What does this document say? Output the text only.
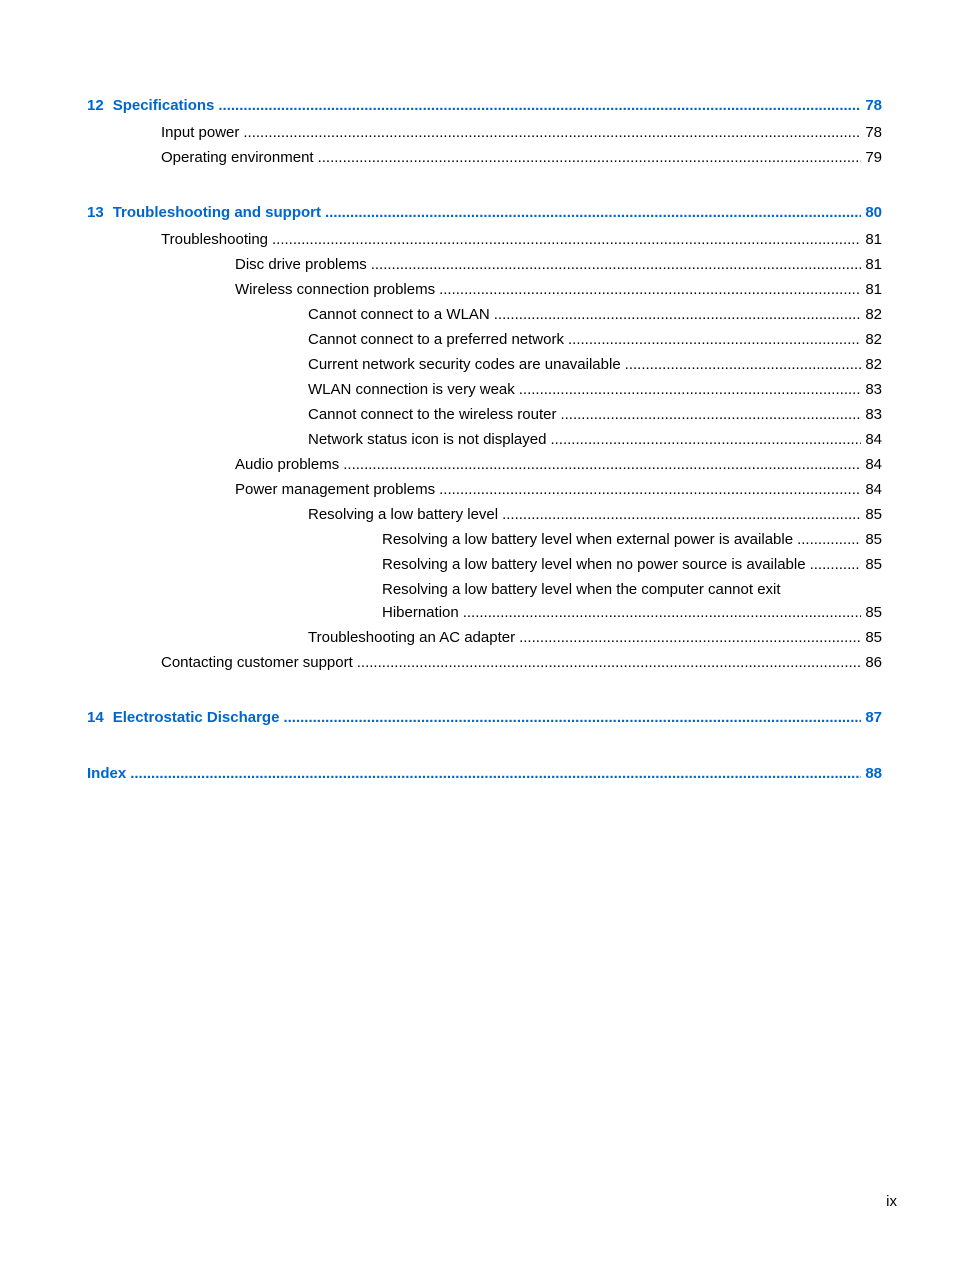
12 Specifications .....	78
Input power .....	78
Operating environment .....	79
13 Troubleshooting and support .....	80
Troubleshooting .....	81
Disc drive problems .....	81
Wireless connection problems .....	81
Cannot connect to a WLAN .....	82
Cannot connect to a preferred network .....	82
Current network security codes are unavailable .....	82
WLAN connection is very weak .....	83
Cannot connect to the wireless router .....	83
Network status icon is not displayed .....	84
Audio problems .....	84
Power management problems .....	84
Resolving a low battery level .....	85
Resolving a low battery level when external power is available .....	85
Resolving a low battery level when no power source is available .....	85
Resolving a low battery level when the computer cannot exit
Hibernation .....	85
Troubleshooting an AC adapter .....	85
Contacting customer support .....	86
14 Electrostatic Discharge .....	87
Index .....	88
ix
